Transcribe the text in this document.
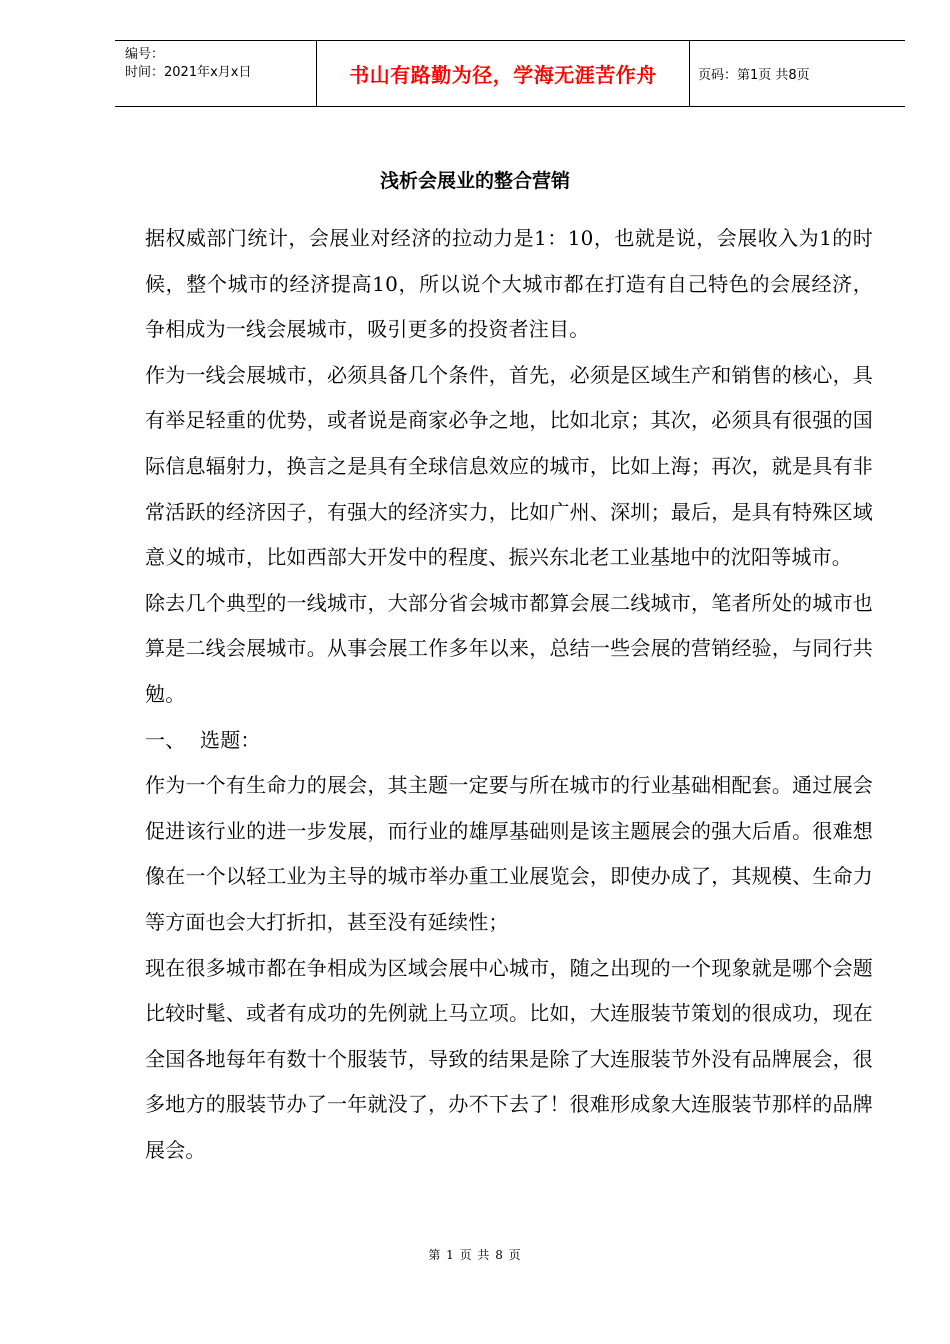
编号：
时间：2021年x月x日	书山有路勤为径，学海无涯苦作舟	页码：第1页 共8页
浅析会展业的整合营销

据权威部门统计，会展业对经济的拉动力是1：10，也就是说，会展收入为1的时候，整个城市的经济提高10，所以说个大城市都在打造有自己特色的会展经济，争相成为一线会展城市，吸引更多的投资者注目。

作为一线会展城市，必须具备几个条件，首先，必须是区域生产和销售的核心，具有举足轻重的优势，或者说是商家必争之地，比如北京；其次，必须具有很强的国际信息辐射力，换言之是具有全球信息效应的城市，比如上海；再次，就是具有非常活跃的经济因子，有强大的经济实力，比如广州、深圳；最后，是具有特殊区域意义的城市，比如西部大开发中的程度、振兴东北老工业基地中的沈阳等城市。

除去几个典型的一线城市，大部分省会城市都算会展二线城市，笔者所处的城市也算是二线会展城市。从事会展工作多年以来，总结一些会展的营销经验，与同行共勉。

一、 选题：

作为一个有生命力的展会，其主题一定要与所在城市的行业基础相配套。通过展会促进该行业的进一步发展，而行业的雄厚基础则是该主题展会的强大后盾。很难想像在一个以轻工业为主导的城市举办重工业展览会，即使办成了，其规模、生命力等方面也会大打折扣，甚至没有延续性；

现在很多城市都在争相成为区域会展中心城市，随之出现的一个现象就是哪个会题比较时髦、或者有成功的先例就上马立项。比如，大连服装节策划的很成功，现在全国各地每年有数十个服装节，导致的结果是除了大连服装节外没有品牌展会，很多地方的服装节办了一年就没了，办不下去了！很难形成象大连服装节那样的品牌展会。

第 1 页 共 8 页
